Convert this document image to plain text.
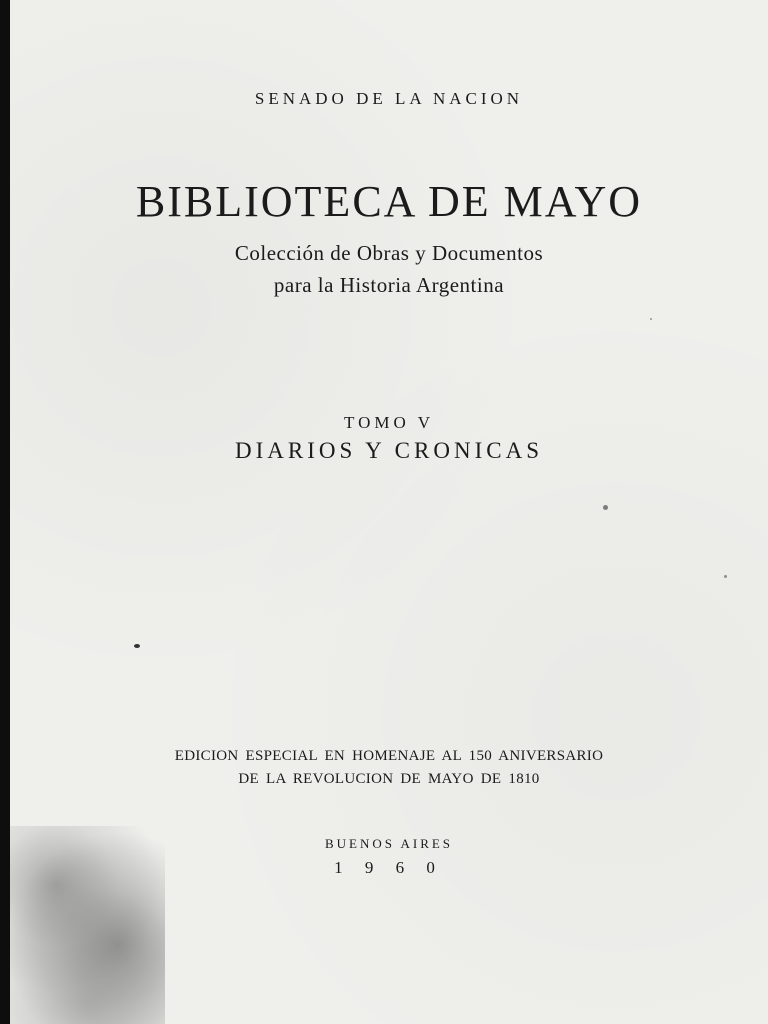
SENADO DE LA NACION
BIBLIOTECA DE MAYO
Colección de Obras y Documentos
para la Historia Argentina
TOMO V
DIARIOS Y CRONICAS
EDICION ESPECIAL EN HOMENAJE AL 150 ANIVERSARIO
DE LA REVOLUCION DE MAYO DE 1810
BUENOS AIRES
1 9 6 0
